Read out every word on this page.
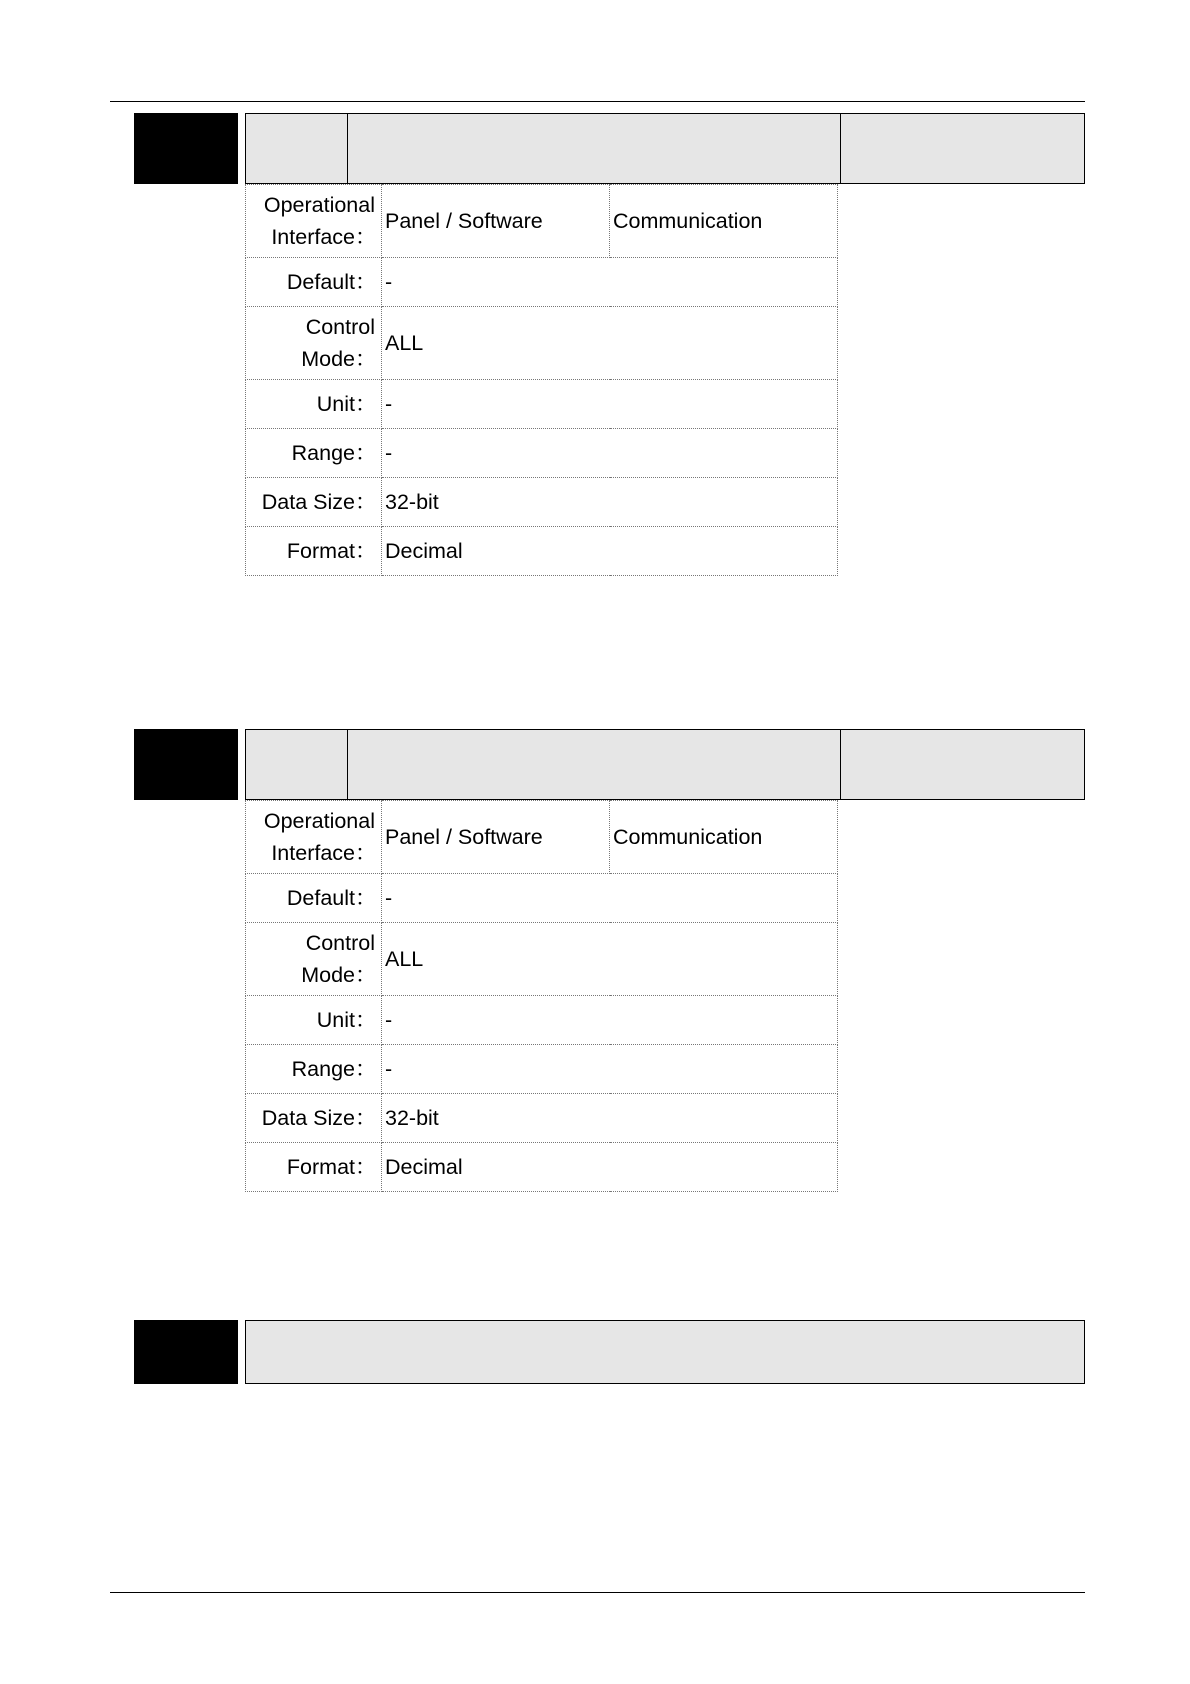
Operational
Interface：	Panel / Software	Communication
Default：	-	

Control
Mode：	ALL	
Unit：	-	
Range：	-	
Data Size：	32-bit	
Format：	Decimal	
Operational
Interface：	Panel / Software	Communication
Default：	-	

Control
Mode：	ALL	
Unit：	-	
Range：	-	
Data Size：	32-bit	
Format：	Decimal	
